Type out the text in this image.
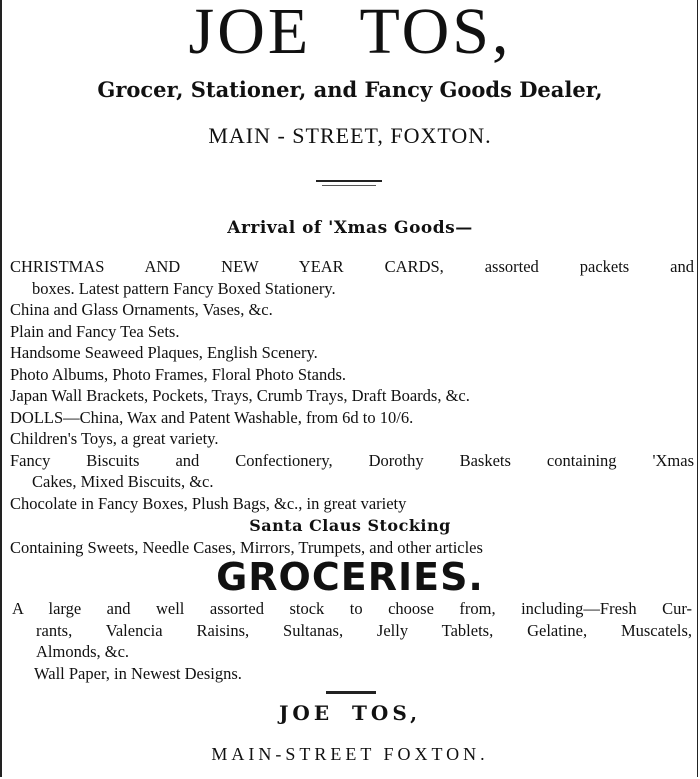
JOE TOS,
Grocer, Stationer, and Fancy Goods Dealer,
MAIN - STREET, FOXTON.
Arrival of 'Xmas Goods—
CHRISTMAS AND NEW YEAR CARDS, assorted packets and
boxes. Latest pattern Fancy Boxed Stationery.
China and Glass Ornaments, Vases, &c.
Plain and Fancy Tea Sets.
Handsome Seaweed Plaques, English Scenery.
Photo Albums, Photo Frames, Floral Photo Stands.
Japan Wall Brackets, Pockets, Trays, Crumb Trays, Draft Boards, &c.
DOLLS—China, Wax and Patent Washable, from 6d to 10/6.
Children's Toys, a great variety.
Fancy Biscuits and Confectionery, Dorothy Baskets containing 'Xmas
Cakes, Mixed Biscuits, &c.
Chocolate in Fancy Boxes, Plush Bags, &c., in great variety
Santa Claus Stocking
Containing Sweets, Needle Cases, Mirrors, Trumpets, and other articles
GROCERIES.
A large and well assorted stock to choose from, including—Fresh Cur-
rants, Valencia Raisins, Sultanas, Jelly Tablets, Gelatine, Muscatels,
Almonds, &c.
Wall Paper, in Newest Designs.
JOE TOS,
MAIN-STREET FOXTON.
